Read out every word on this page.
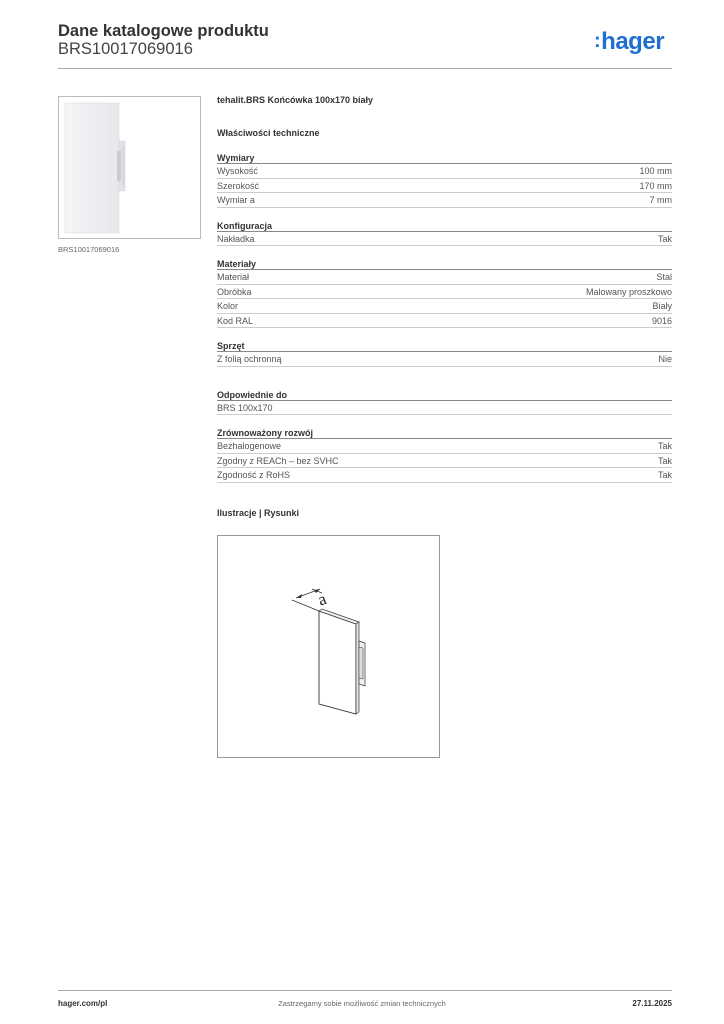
Dane katalogowe produktu
BRS10017069016	:hager
BRS10017069016
tehalit.BRS Końcówka 100x170 biały
Właściwości techniczne
Wymiary
Wysokość	100 mm
Szerokość	170 mm
Wymiar a	7 mm
Konfiguracja
Nakładka	Tak
Materiały
Materiał	Stal
Obróbka	Malowany proszkowo
Kolor	Biały
Kod RAL	9016
Sprzęt
Z folią ochronną	Nie
Odpowiednie do
BRS 100x170
Zrównoważony rozwój
Bezhalogenowe	Tak
Zgodny z REACh – bez SVHC	Tak
Zgodność z RoHS	Tak
Ilustracje | Rysunki
a
hager.com/pl	Zastrzegamy sobie możliwość zmian technicznych	27.11.2025
